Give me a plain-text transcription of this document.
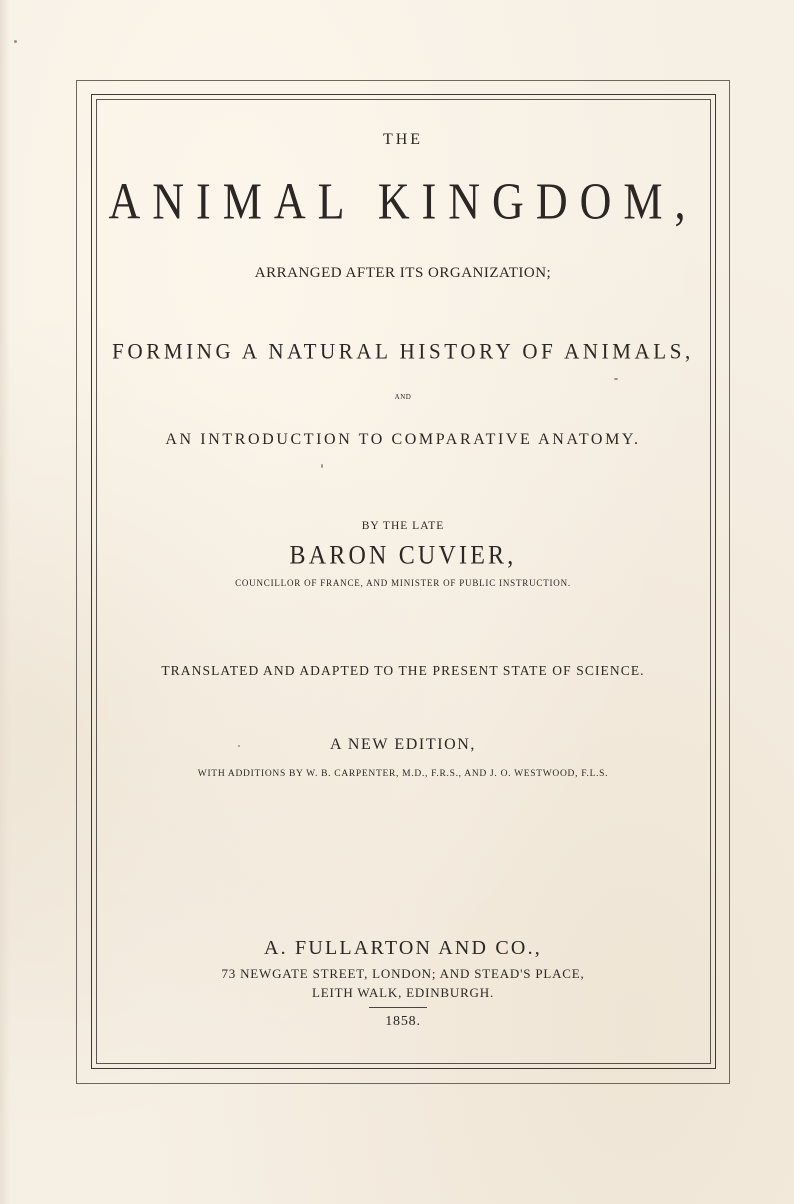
THE
ANIMAL KINGDOM,
ARRANGED AFTER ITS ORGANIZATION;
FORMING A NATURAL HISTORY OF ANIMALS,
AND
AN INTRODUCTION TO COMPARATIVE ANATOMY.
BY THE LATE
BARON CUVIER,
COUNCILLOR OF FRANCE, AND MINISTER OF PUBLIC INSTRUCTION.
TRANSLATED AND ADAPTED TO THE PRESENT STATE OF SCIENCE.
A NEW EDITION,
WITH ADDITIONS BY W. B. CARPENTER, M.D., F.R.S., AND J. O. WESTWOOD, F.L.S.
A. FULLARTON AND CO.,
73 NEWGATE STREET, LONDON; AND STEAD'S PLACE,
LEITH WALK, EDINBURGH.
1858.
